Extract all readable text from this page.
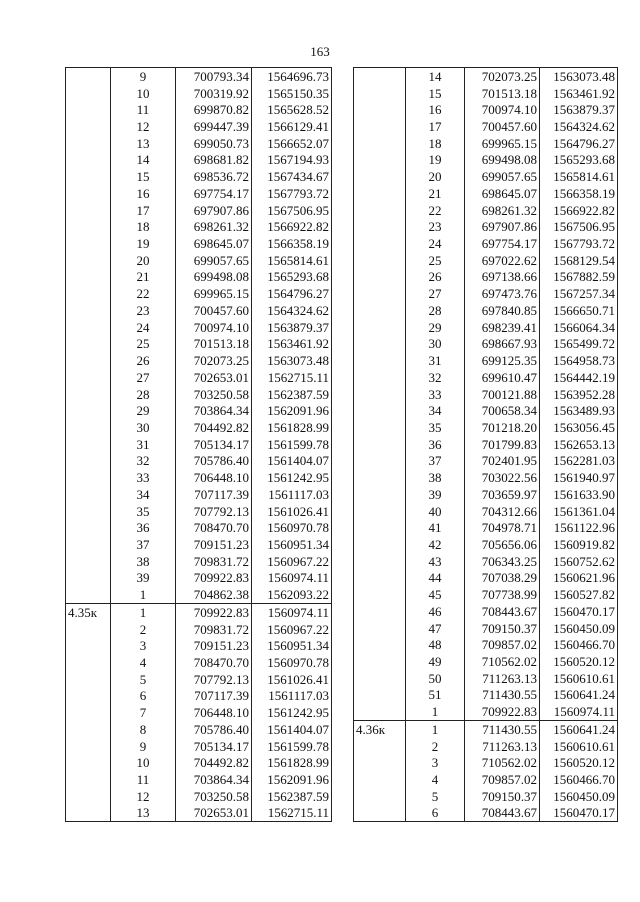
163
	9	700793.34	1564696.73
	10	700319.92	1565150.35
	11	699870.82	1565628.52
	12	699447.39	1566129.41
	13	699050.73	1566652.07
	14	698681.82	1567194.93
	15	698536.72	1567434.67
	16	697754.17	1567793.72
	17	697907.86	1567506.95
	18	698261.32	1566922.82
	19	698645.07	1566358.19
	20	699057.65	1565814.61
	21	699498.08	1565293.68
	22	699965.15	1564796.27
	23	700457.60	1564324.62
	24	700974.10	1563879.37
	25	701513.18	1563461.92
	26	702073.25	1563073.48
	27	702653.01	1562715.11
	28	703250.58	1562387.59
	29	703864.34	1562091.96
	30	704492.82	1561828.99
	31	705134.17	1561599.78
	32	705786.40	1561404.07
	33	706448.10	1561242.95
	34	707117.39	1561117.03
	35	707792.13	1561026.41
	36	708470.70	1560970.78
	37	709151.23	1560951.34
	38	709831.72	1560967.22
	39	709922.83	1560974.11
	1	704862.38	1562093.22
4.35к	1	709922.83	1560974.11
	2	709831.72	1560967.22
	3	709151.23	1560951.34
	4	708470.70	1560970.78
	5	707792.13	1561026.41
	6	707117.39	1561117.03
	7	706448.10	1561242.95
	8	705786.40	1561404.07
	9	705134.17	1561599.78
	10	704492.82	1561828.99
	11	703864.34	1562091.96
	12	703250.58	1562387.59
	13	702653.01	1562715.11
	14	702073.25	1563073.48
	15	701513.18	1563461.92
	16	700974.10	1563879.37
	17	700457.60	1564324.62
	18	699965.15	1564796.27
	19	699498.08	1565293.68
	20	699057.65	1565814.61
	21	698645.07	1566358.19
	22	698261.32	1566922.82
	23	697907.86	1567506.95
	24	697754.17	1567793.72
	25	697022.62	1568129.54
	26	697138.66	1567882.59
	27	697473.76	1567257.34
	28	697840.85	1566650.71
	29	698239.41	1566064.34
	30	698667.93	1565499.72
	31	699125.35	1564958.73
	32	699610.47	1564442.19
	33	700121.88	1563952.28
	34	700658.34	1563489.93
	35	701218.20	1563056.45
	36	701799.83	1562653.13
	37	702401.95	1562281.03
	38	703022.56	1561940.97
	39	703659.97	1561633.90
	40	704312.66	1561361.04
	41	704978.71	1561122.96
	42	705656.06	1560919.82
	43	706343.25	1560752.62
	44	707038.29	1560621.96
	45	707738.99	1560527.82
	46	708443.67	1560470.17
	47	709150.37	1560450.09
	48	709857.02	1560466.70
	49	710562.02	1560520.12
	50	711263.13	1560610.61
	51	711430.55	1560641.24
	1	709922.83	1560974.11
4.36к	1	711430.55	1560641.24
	2	711263.13	1560610.61
	3	710562.02	1560520.12
	4	709857.02	1560466.70
	5	709150.37	1560450.09
	6	708443.67	1560470.17
